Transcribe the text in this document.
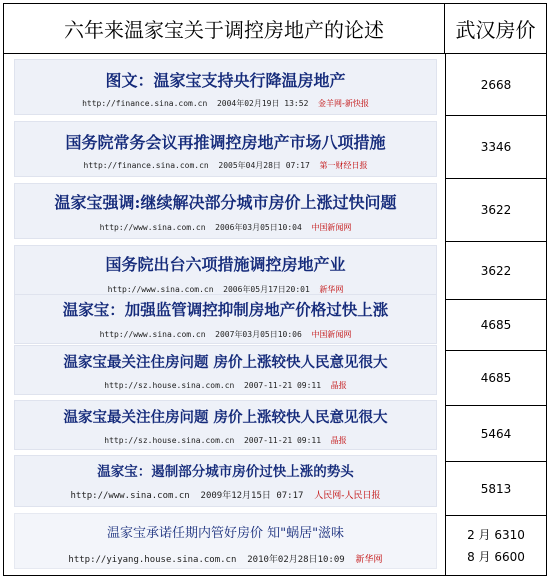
六年来温家宝关于调控房地产的论述	武汉房价
图文：温家宝支持央行降温房地产
http://finance.sina.com.cn 2004年02月19日 13:52 金羊网-新快报
2668
国务院常务会议再推调控房地产市场八项措施
http://finance.sina.com.cn 2005年04月28日 07:17 第一财经日报
3346
温家宝强调:继续解决部分城市房价上涨过快问题
http://www.sina.com.cn 2006年03月05日10:04 中国新闻网
3622
国务院出台六项措施调控房地产业
http://www.sina.com.cn 2006年05月17日20:01 新华网
3622
温家宝：加强监管调控抑制房地产价格过快上涨
http://www.sina.com.cn 2007年03月05日10:06 中国新闻网
4685
温家宝最关注住房问题 房价上涨较快人民意见很大
http://sz.house.sina.com.cn 2007-11-21 09:11 晶报
4685
温家宝最关注住房问题 房价上涨较快人民意见很大
http://sz.house.sina.com.cn 2007-11-21 09:11 晶报	5464
温家宝：遏制部分城市房价过快上涨的势头
http://www.sina.com.cn 2009年12月15日 07:17 人民网-人民日报
5813
温家宝承诺任期内管好房价 知"蜗居"滋味
http://yiyang.house.sina.com.cn 2010年02月28日10:09 新华网
2 月 6310
8 月 6600
